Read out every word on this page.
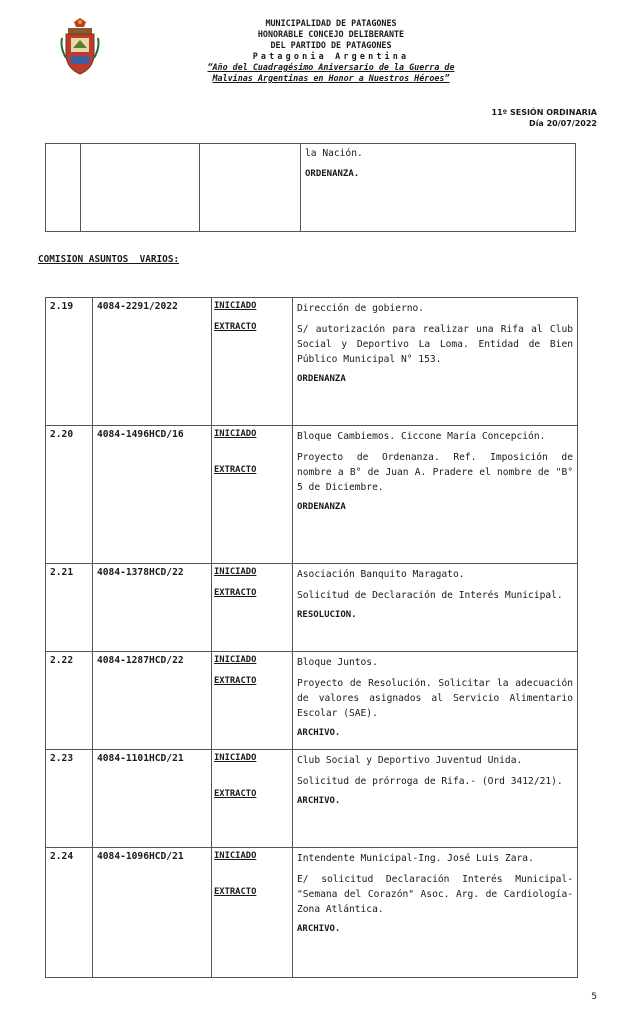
MUNICIPALIDAD DE PATAGONES
HONORABLE CONCEJO DELIBERANTE
DEL PARTIDO DE PATAGONES
Patagonia Argentina
“Año del Cuadragésimo Aniversario de la Guerra de
Malvinas Argentinas en Honor a Nuestros Héroes”
11º SESIÓN ORDINARIA
Día 20/07/2022

la Nación.
ORDENANZA.
COMISION ASUNTOS  VARIOS:
2.19	4084-2291/2022	INICIADO
EXTRACTO	Dirección de gobierno.
S/ autorización para realizar una Rifa al Club Social y Deportivo La Loma. Entidad de Bien Público Municipal N° 153.
ORDENANZA

2.20	4084-1496HCD/16	INICIADO
EXTRACTO	Bloque Cambiemos. Ciccone María Concepción.
Proyecto de Ordenanza. Ref. Imposición de nombre a B° de Juan A. Pradere el nombre de "B° 5 de Diciembre.
ORDENANZA

2.21	4084-1378HCD/22	INICIADO
EXTRACTO	Asociación Banquito Maragato.
Solicitud de Declaración de Interés Municipal.
RESOLUCION.

2.22	4084-1287HCD/22	INICIADO
EXTRACTO	Bloque Juntos.
Proyecto de Resolución. Solicitar la adecuación de valores asignados al Servicio Alimentario Escolar (SAE).
ARCHIVO.

2.23	4084-1101HCD/21	INICIADO
EXTRACTO	Club Social y Deportivo Juventud Unida.
Solicitud de prórroga de Rifa.- (Ord 3412/21).
ARCHIVO.

2.24	4084-1096HCD/21	INICIADO
EXTRACTO	Intendente Municipal-Ing. José Luis Zara.
E/ solicitud Declaración Interés Municipal- "Semana del Corazón" Asoc. Arg. de Cardiología- Zona Atlántica.
ARCHIVO.
5
